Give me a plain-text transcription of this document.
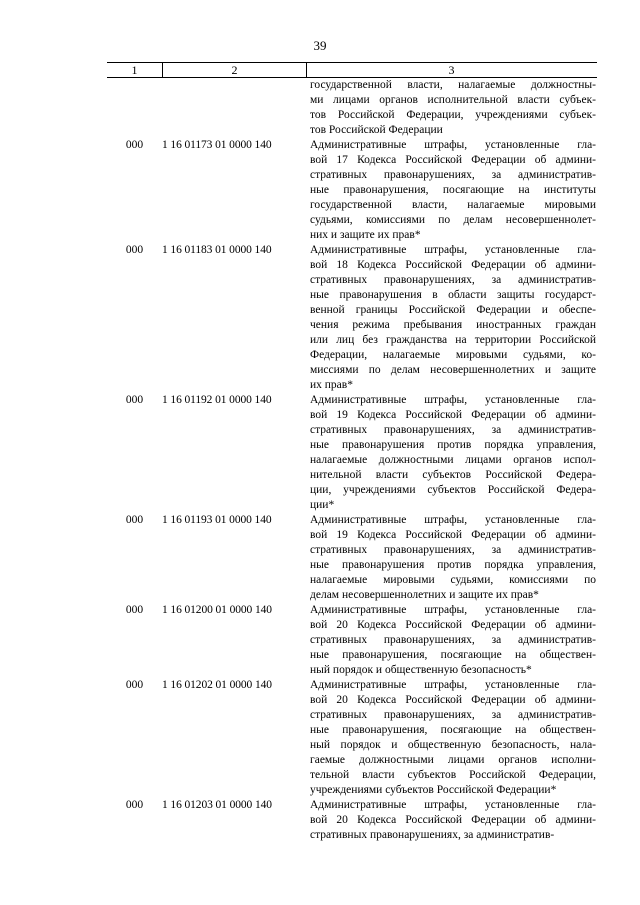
39
1	2	3
государственной власти, налагаемые должностны-
ми лицами органов исполнительной власти субъек-
тов Российской Федерации, учреждениями субъек-
тов Российской Федерации
000	1 16 01173 01 0000 140	Административные штрафы, установленные гла-
вой 17 Кодекса Российской Федерации об админи-
стративных правонарушениях, за административ-
ные правонарушения, посягающие на институты
государственной власти, налагаемые мировыми
судьями, комиссиями по делам несовершеннолет-
них и защите их прав*
000	1 16 01183 01 0000 140	Административные штрафы, установленные гла-
вой 18 Кодекса Российской Федерации об админи-
стративных правонарушениях, за административ-
ные правонарушения в области защиты государст-
венной границы Российской Федерации и обеспе-
чения режима пребывания иностранных граждан
или лиц без гражданства на территории Российской
Федерации, налагаемые мировыми судьями, ко-
миссиями по делам несовершеннолетних и защите
их прав*
000	1 16 01192 01 0000 140	Административные штрафы, установленные гла-
вой 19 Кодекса Российской Федерации об админи-
стративных правонарушениях, за административ-
ные правонарушения против порядка управления,
налагаемые должностными лицами органов испол-
нительной власти субъектов Российской Федера-
ции, учреждениями субъектов Российской Федера-
ции*
000	1 16 01193 01 0000 140	Административные штрафы, установленные гла-
вой 19 Кодекса Российской Федерации об админи-
стративных правонарушениях, за административ-
ные правонарушения против порядка управления,
налагаемые мировыми судьями, комиссиями по
делам несовершеннолетних и защите их прав*
000	1 16 01200 01 0000 140	Административные штрафы, установленные гла-
вой 20 Кодекса Российской Федерации об админи-
стративных правонарушениях, за административ-
ные правонарушения, посягающие на обществен-
ный порядок и общественную безопасность*
000	1 16 01202 01 0000 140	Административные штрафы, установленные гла-
вой 20 Кодекса Российской Федерации об админи-
стративных правонарушениях, за административ-
ные правонарушения, посягающие на обществен-
ный порядок и общественную безопасность, нала-
гаемые должностными лицами органов исполни-
тельной власти субъектов Российской Федерации,
учреждениями субъектов Российской Федерации*
000	1 16 01203 01 0000 140	Административные штрафы, установленные гла-
вой 20 Кодекса Российской Федерации об админи-
стративных правонарушениях, за административ-
